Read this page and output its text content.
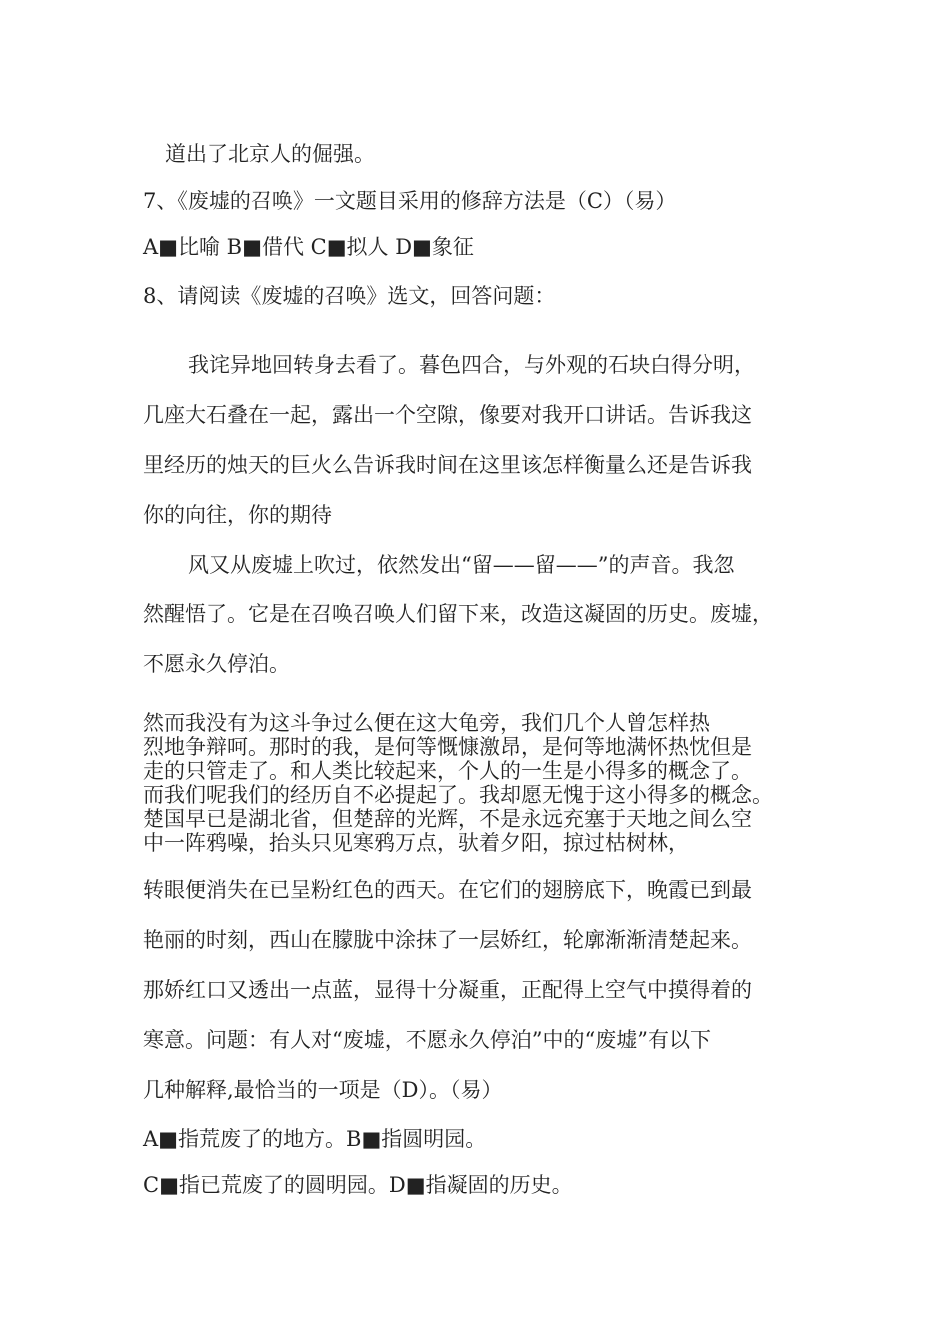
道出了北京人的倔强。
7、《废墟的召唤》一文题目采用的修辞方法是（C）（易）
A■比喻 B■借代 C■拟人 D■象征
8、请阅读《废墟的召唤》选文，回答问题：
我诧异地回转身去看了。暮色四合，与外观的石块白得分明，
几座大石叠在一起，露出一个空隙，像要对我开口讲话。告诉我这
里经历的烛天的巨火么告诉我时间在这里该怎样衡量么还是告诉我
你的向往，你的期待
风又从废墟上吹过，依然发出“留——留——”的声音。我忽
然醒悟了。它是在召唤召唤人们留下来，改造这凝固的历史。废墟，
不愿永久停泊。
然而我没有为这斗争过么便在这大龟旁，我们几个人曾怎样热
烈地争辩呵。那时的我，是何等慨慷激昂，是何等地满怀热忱但是
走的只管走了。和人类比较起来，个人的一生是小得多的概念了。
而我们呢我们的经历自不必提起了。我却愿无愧于这小得多的概念。
楚国早已是湖北省，但楚辞的光辉，不是永远充塞于天地之间么空
中一阵鸦噪，抬头只见寒鸦万点，驮着夕阳，掠过枯树林，
转眼便消失在已呈粉红色的西天。在它们的翅膀底下，晚霞已到最
艳丽的时刻，西山在朦胧中涂抹了一层娇红，轮廓渐渐清楚起来。
那娇红口又透出一点蓝，显得十分凝重，正配得上空气中摸得着的
寒意。问题：有人对“废墟，不愿永久停泊”中的“废墟”有以下
几种解释,最恰当的一项是（D）。（易）
A■指荒废了的地方。B■指圆明园。
C■指已荒废了的圆明园。D■指凝固的历史。
